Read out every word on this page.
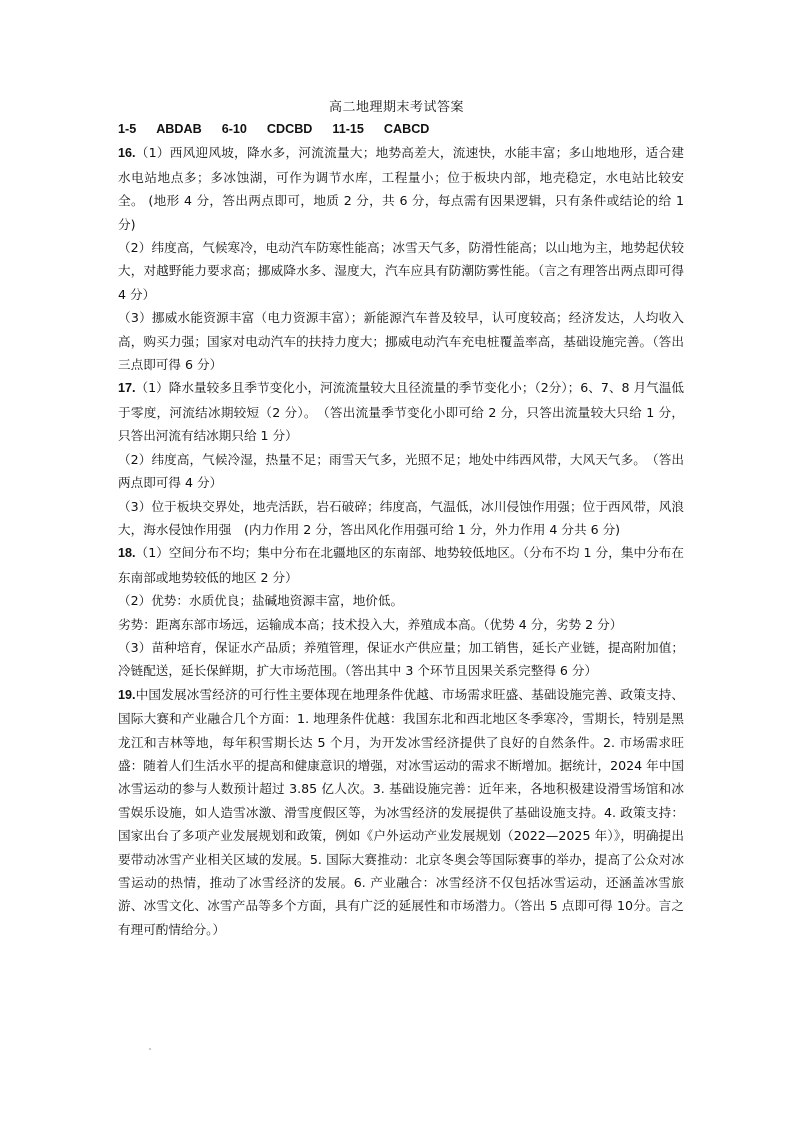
高二地理期末考试答案

1-5 ABDAB 6-10 CDCBD 11-15 CABCD

16.（1）西风迎风坡，降水多，河流流量大；地势高差大，流速快，水能丰富；多山地地形，适合建水电站地点多；多冰蚀湖，可作为调节水库，工程量小；位于板块内部，地壳稳定，水电站比较安全。 (地形 4 分，答出两点即可，地质 2 分，共 6 分，每点需有因果逻辑，只有条件或结论的给 1 分)

（2）纬度高，气候寒冷，电动汽车防寒性能高；冰雪天气多，防滑性能高；以山地为主，地势起伏较大，对越野能力要求高；挪威降水多、湿度大，汽车应具有防潮防雾性能。（言之有理答出两点即可得 4 分）

（3）挪威水能资源丰富（电力资源丰富）；新能源汽车普及较早，认可度较高；经济发达，人均收入高，购买力强；国家对电动汽车的扶持力度大；挪威电动汽车充电桩覆盖率高，基础设施完善。（答出三点即可得 6 分）

17.（1）降水量较多且季节变化小，河流流量较大且径流量的季节变化小；（2分）；6、7、8 月气温低于零度，河流结冰期较短（2 分）。　（答出流量季节变化小即可给 2 分，只答出流量较大只给 1 分，只答出河流有结冰期只给 1 分）

（2）纬度高，气候冷湿，热量不足；雨雪天气多，光照不足；地处中纬西风带，大风天气多。　（答出两点即可得 4 分）

（3）位于板块交界处，地壳活跃，岩石破碎；纬度高，气温低，冰川侵蚀作用强；位于西风带，风浪大，海水侵蚀作用强　(内力作用 2 分，答出风化作用强可给 1 分，外力作用 4 分共 6 分)

18.（1）空间分布不均；集中分布在北疆地区的东南部、地势较低地区。（分布不均 1 分，集中分布在东南部或地势较低的地区 2 分）

（2）优势：水质优良；盐碱地资源丰富，地价低。

劣势：距离东部市场远，运输成本高；技术投入大，养殖成本高。（优势 4 分，劣势 2 分）

（3）苗种培育，保证水产品质；养殖管理，保证水产供应量；加工销售，延长产业链，提高附加值；冷链配送，延长保鲜期，扩大市场范围。（答出其中 3 个环节且因果关系完整得 6 分）

19.中国发展冰雪经济的可行性主要体现在地理条件优越、市场需求旺盛、基础设施完善、政策支持、国际大赛和产业融合几个方面：1. 地理条件优越：我国东北和西北地区冬季寒冷，雪期长，特别是黑龙江和吉林等地，每年积雪期长达 5 个月，为开发冰雪经济提供了良好的自然条件。2. 市场需求旺盛：随着人们生活水平的提高和健康意识的增强，对冰雪运动的需求不断增加。据统计，2024 年中国冰雪运动的参与人数预计超过 3.85 亿人次。3. 基础设施完善：近年来，各地积极建设滑雪场馆和冰雪娱乐设施，如人造雪冰激、滑雪度假区等，为冰雪经济的发展提供了基础设施支持。4. 政策支持：国家出台了多项产业发展规划和政策，例如《户外运动产业发展规划（2022—2025 年）》，明确提出要带动冰雪产业相关区域的发展。5. 国际大赛推动：北京冬奥会等国际赛事的举办，提高了公众对冰雪运动的热情，推动了冰雪经济的发展。6. 产业融合：冰雪经济不仅包括冰雪运动，还涵盖冰雪旅游、冰雪文化、冰雪产品等多个方面，具有广泛的延展性和市场潜力。（答出 5 点即可得 10分。言之有理可酌情给分。）
